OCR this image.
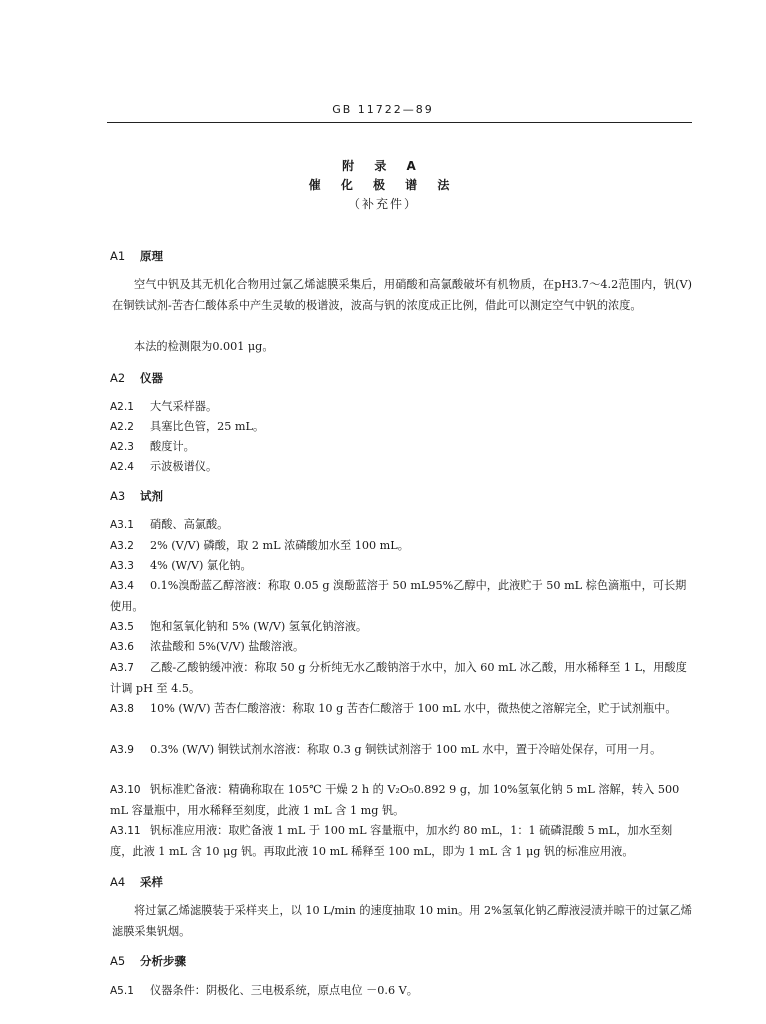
GB 11722—89
附 录 A
催 化 极 谱 法
（补充件）
A1 原理
空气中钒及其无机化合物用过氯乙烯滤膜采集后，用硝酸和高氯酸破坏有机物质，在pH3.7～4.2范围内，钒(V)在铜铁试剂-苦杏仁酸体系中产生灵敏的极谱波，波高与钒的浓度成正比例，借此可以测定空气中钒的浓度。
本法的检测限为0.001 μg。
A2 仪器
A2.1 大气采样器。
A2.2 具塞比色管，25 mL。
A2.3 酸度计。
A2.4 示波极谱仪。
A3 试剂
A3.1 硝酸、高氯酸。
A3.2 2% (V/V) 磷酸，取 2 mL 浓磷酸加水至 100 mL。
A3.3 4% (W/V) 氯化钠。
A3.4 0.1%溴酚蓝乙醇溶液：称取 0.05 g 溴酚蓝溶于 50 mL95%乙醇中，此液贮于 50 mL 棕色滴瓶中，可长期使用。
A3.5 饱和氢氧化钠和 5% (W/V) 氢氧化钠溶液。
A3.6 浓盐酸和 5%(V/V) 盐酸溶液。
A3.7 乙酸-乙酸钠缓冲液：称取 50 g 分析纯无水乙酸钠溶于水中，加入 60 mL 冰乙酸，用水稀释至 1 L，用酸度计调 pH 至 4.5。
A3.8 10% (W/V) 苦杏仁酸溶液：称取 10 g 苦杏仁酸溶于 100 mL 水中，微热使之溶解完全，贮于试剂瓶中。
A3.9 0.3% (W/V) 铜铁试剂水溶液：称取 0.3 g 铜铁试剂溶于 100 mL 水中，置于冷暗处保存，可用一月。
A3.10 钒标准贮备液：精确称取在 105℃ 干燥 2 h 的 V₂O₅0.892 9 g，加 10%氢氧化钠 5 mL 溶解，转入 500 mL 容量瓶中，用水稀释至刻度，此液 1 mL 含 1 mg 钒。
A3.11 钒标准应用液：取贮备液 1 mL 于 100 mL 容量瓶中，加水约 80 mL，1：1 硫磷混酸 5 mL，加水至刻度，此液 1 mL 含 10 μg 钒。再取此液 10 mL 稀释至 100 mL，即为 1 mL 含 1 μg 钒的标准应用液。
A4 采样
将过氯乙烯滤膜装于采样夹上，以 10 L/min 的速度抽取 10 min。用 2%氢氧化钠乙醇液浸渍并晾干的过氯乙烯滤膜采集钒烟。
A5 分析步骤
A5.1 仪器条件：阴极化、三电极系统，原点电位 －0.6 V。
